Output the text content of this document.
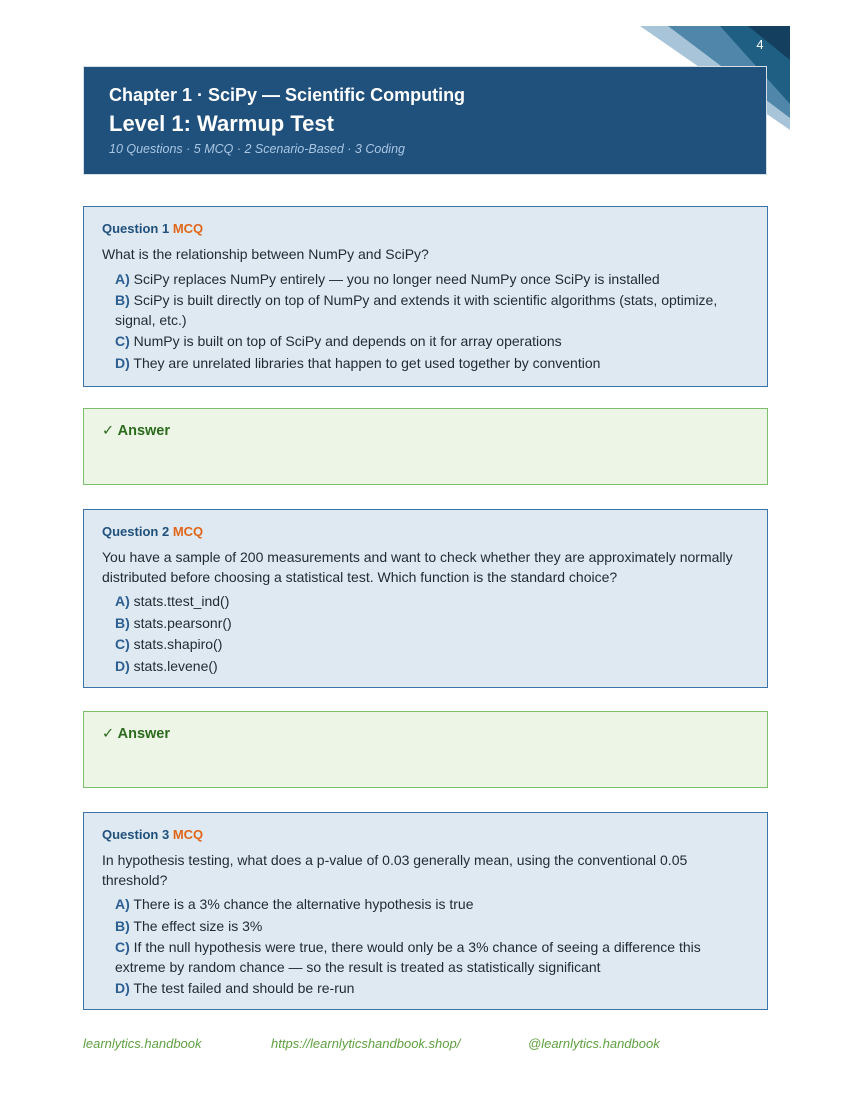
4
Chapter 1 · SciPy — Scientific Computing
Level 1: Warmup Test
10 Questions · 5 MCQ · 2 Scenario-Based · 3 Coding
Question 1 MCQ
What is the relationship between NumPy and SciPy?
A) SciPy replaces NumPy entirely — you no longer need NumPy once SciPy is installed
B) SciPy is built directly on top of NumPy and extends it with scientific algorithms (stats, optimize, signal, etc.)
C) NumPy is built on top of SciPy and depends on it for array operations
D) They are unrelated libraries that happen to get used together by convention
✓ Answer
Question 2 MCQ
You have a sample of 200 measurements and want to check whether they are approximately normally distributed before choosing a statistical test. Which function is the standard choice?
A) stats.ttest_ind()
B) stats.pearsonr()
C) stats.shapiro()
D) stats.levene()
✓ Answer
Question 3 MCQ
In hypothesis testing, what does a p-value of 0.03 generally mean, using the conventional 0.05 threshold?
A) There is a 3% chance the alternative hypothesis is true
B) The effect size is 3%
C) If the null hypothesis were true, there would only be a 3% chance of seeing a difference this extreme by random chance — so the result is treated as statistically significant
D) The test failed and should be re-run
learnlytics.handbook	https://learnlyticshandbook.shop/	@learnlytics.handbook
